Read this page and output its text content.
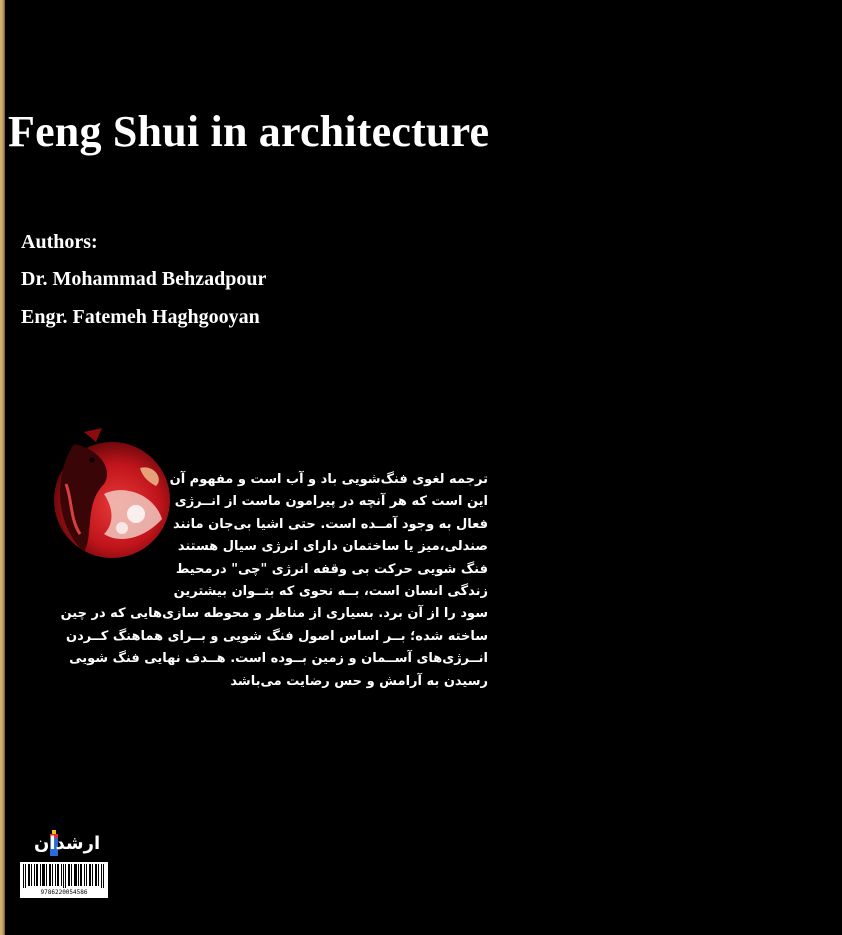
Feng Shui in architecture
Authors:
Dr. Mohammad Behzadpour
Engr. Fatemeh Haghgooyan
ترجمه لغوی فنگ‌شویی باد و آب است و مفهوم آن
این است که هر آنچه در پیرامون ماست از انــرژی
فعال به وجود آمــده است. حتی اشیا بی‌جان مانند
صندلی،میز یا ساختمان دارای انرژی سیال هستند
فنگ شویی حرکت بی وقفه انرژی "چی" درمحیط
زندگی انسان است، بــه نحوی که بتــوان بیشترین
سود را از آن برد. بسیاری از مناظر و محوطه سازی‌هایی که در چین
ساخته شده؛ بــر اساس اصول فنگ شویی و بــرای هماهنگ کــردن
انــرژی‌های آســمان و زمین بــوده است. هــدف نهایی فنگ شویی
رسیدن به آرامش و حس رضایت می‌باشد
ارشدان
9786220054586
